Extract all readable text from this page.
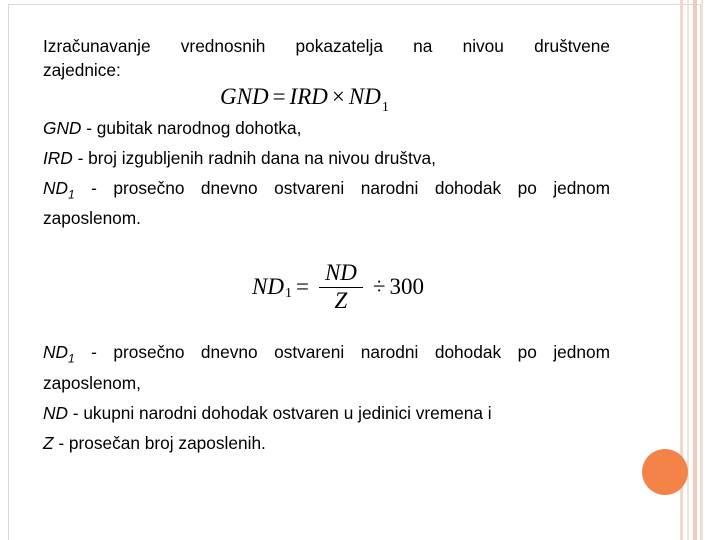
Izračunavanje vrednosnih pokazatelja na nivou društvene

zajednice:

GND - gubitak narodnog dohotka,

IRD - broj izgubljenih radnih dana na nivou društva,

$ND_1$ - prosečno dnevno ostvareni narodni dohodak po jednom

zaposlenom.

$ND_1$ - prosečno dnevno ostvareni narodni dohodak po jednom

zaposlenom,

ND - ukupni narodni dohodak ostvaren u jedinici vremena i

Z - prosečan broj zaposlenih.

GND = IRD × $ND_1$
ND $1 = \frac{ND}{Z} \div 300$
